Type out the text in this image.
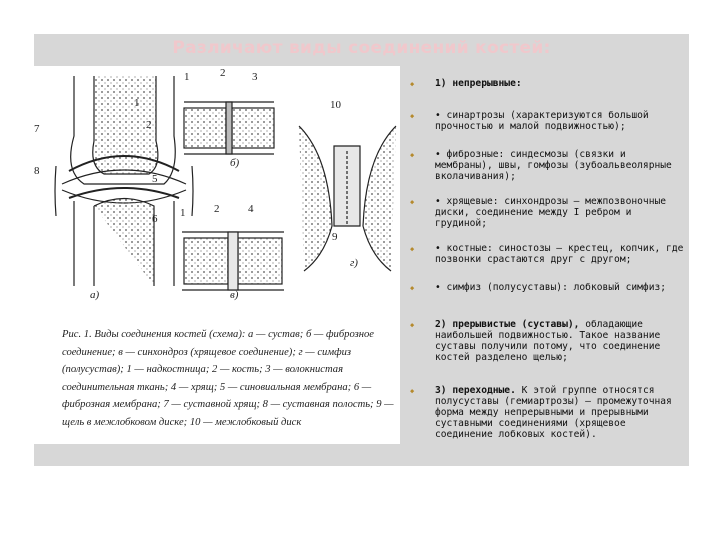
Различают виды соединений костей:
1	2 3
1
2
7
8
5
6 1	2	4
10
9
а)
б)
в)
г)

Рис. 1. Виды соединения костей (схема): а — сустав; б — фиброзное соединение; в — синхондроз (хрящевое соединение); г — симфиз (полусустав); 1 — надкостница; 2 — кость; 3 — волокнистая соединительная ткань; 4 — хрящ; 5 — синовиальная мембрана; 6 — фиброзная мембрана; 7 — суставной хрящ; 8 — суставная полость; 9 — щель в межлобковом диске; 10 — межлобковый диск

◆ 1) непрерывные:
◆ • синартрозы (характеризуются большой прочностью и малой подвижностью);
◆ • фиброзные: синдесмозы (связки и мембраны), швы, гомфозы (зубоальвеолярные вколачивания);
◆ • хрящевые: синхондрозы – межпозвоночные диски, соединение между I ребром и грудиной;
◆ • костные: синостозы – крестец, копчик, где позвонки срастаются друг с другом;
◆ • симфиз (полусуставы): лобковый симфиз;
◆ 2) прерывистые (суставы), обладающие наибольшей подвижностью. Такое название суставы получили потому, что соединение костей разделено щелью;
◆ 3) переходные. К этой группе относятся полусуставы (гемиартрозы) – промежуточная форма между непрерывными и прерывными суставными соединениями (хрящевое соединение лобковых костей).
